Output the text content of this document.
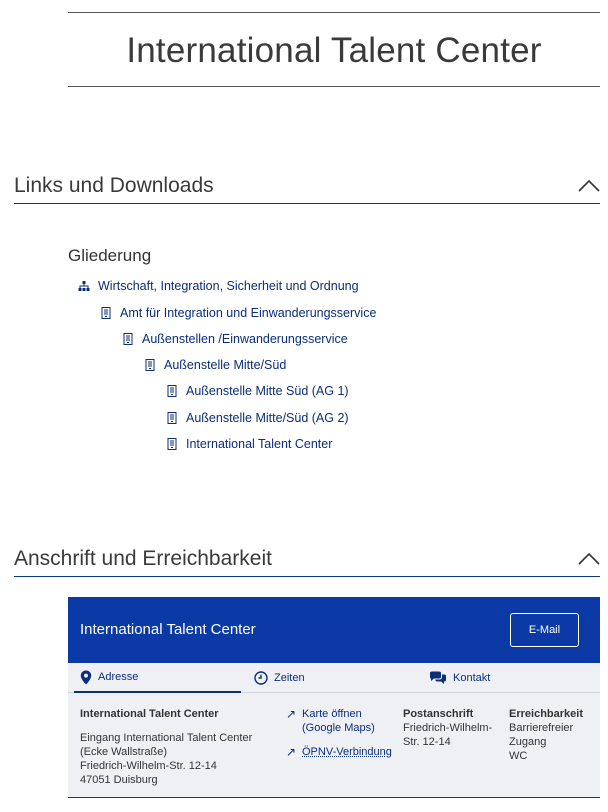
International Talent Center
Links und Downloads
Gliederung
Wirtschaft, Integration, Sicherheit und Ordnung
Amt für Integration und Einwanderungsservice
Außenstellen /Einwanderungsservice
Außenstelle Mitte/Süd
Außenstelle Mitte Süd (AG 1)
Außenstelle Mitte/Süd (AG 2)
International Talent Center
Anschrift und Erreichbarkeit
International Talent Center	E-Mail
Adresse	Zeiten	Kontakt
International Talent Center
Eingang International Talent Center
(Ecke Wallstraße)
Friedrich-Wilhelm-Str. 12-14
47051 Duisburg
↗ Karte öffnen
(Google Maps)
↗ ÖPNV-Verbindung
Postanschrift
Friedrich-Wilhelm-
Str. 12-14
Erreichbarkeit
Barrierefreier
Zugang
WC
